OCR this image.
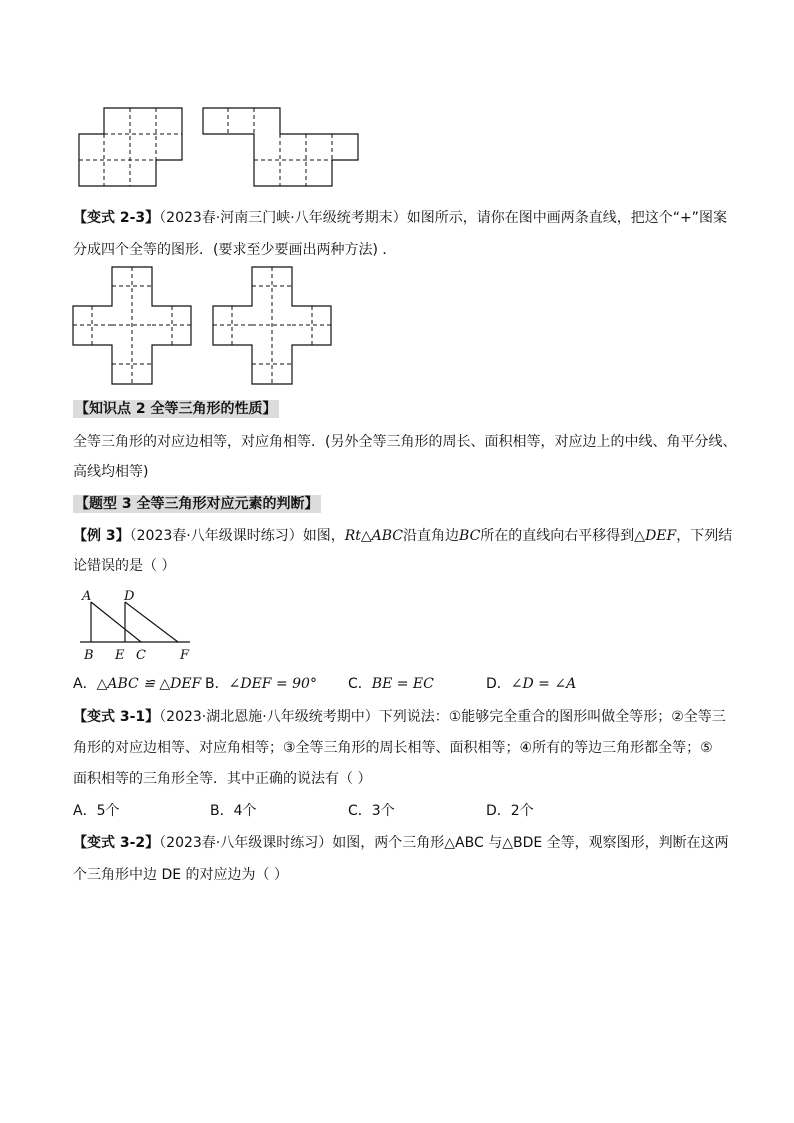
【变式 2-3】（2023春·河南三门峡·八年级统考期末）如图所示，请你在图中画两条直线，把这个“+”图案
分成四个全等的图形．(要求至少要画出两种方法) ．
【知识点 2 全等三角形的性质】
全等三角形的对应边相等，对应角相等．(另外全等三角形的周长、面积相等，对应边上的中线、角平分线、
高线均相等)
【题型 3 全等三角形对应元素的判断】
【例 3】（2023春·八年级课时练习）如图，Rt△ABC沿直角边BC所在的直线向右平移得到△DEF，下列结
论错误的是（ ）
A	D
B E C	F
A．△ABC ≌ △DEF B．∠DEF = 90° C．BE = EC	D．∠D = ∠A
【变式 3-1】（2023·湖北恩施·八年级统考期中）下列说法：①能够完全重合的图形叫做全等形；②全等三
角形的对应边相等、对应角相等；③全等三角形的周长相等、面积相等；④所有的等边三角形都全等；⑤
面积相等的三角形全等．其中正确的说法有（ ）
A．5个	B．4个	C．3个	D．2个
【变式 3-2】（2023春·八年级课时练习）如图，两个三角形△ABC 与△BDE 全等，观察图形，判断在这两
个三角形中边 DE 的对应边为（ ）
